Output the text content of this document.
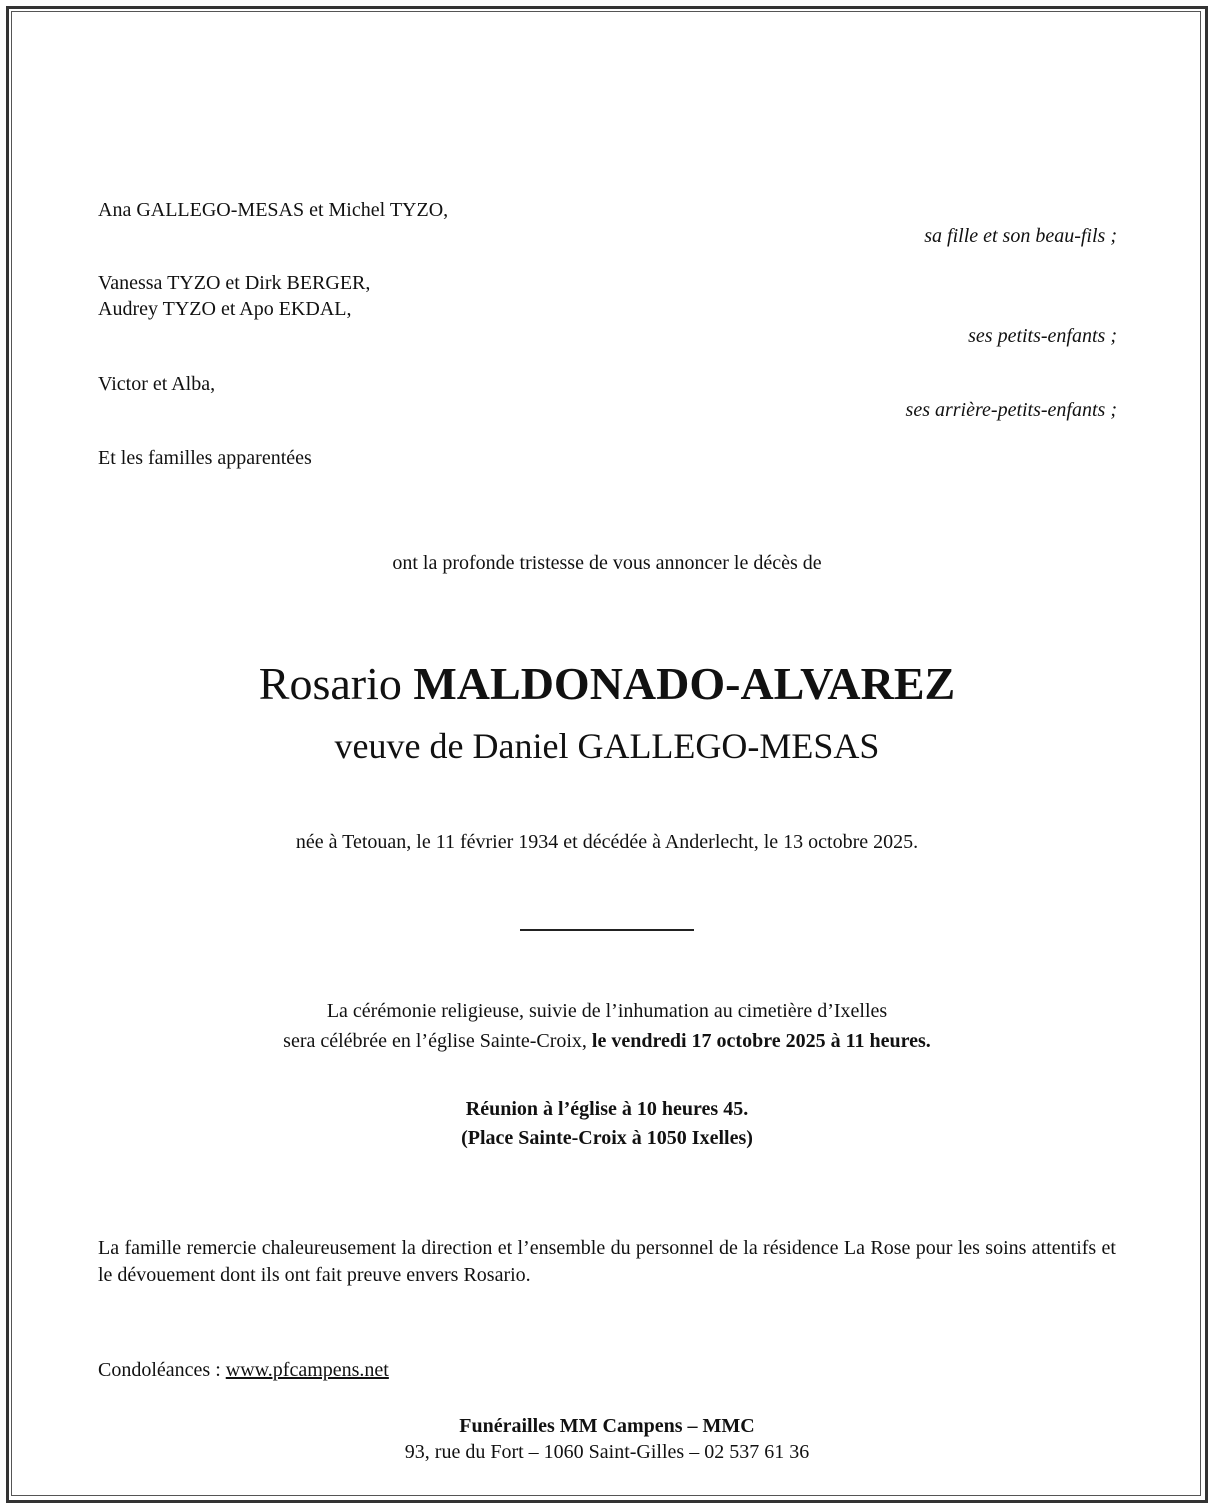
Ana GALLEGO-MESAS et Michel TYZO,
sa fille et son beau-fils ;
Vanessa TYZO et Dirk BERGER,
Audrey TYZO et Apo EKDAL,
ses petits-enfants ;
Victor et Alba,
ses arrière-petits-enfants ;
Et les familles apparentées
ont la profonde tristesse de vous annoncer le décès de
Rosario MALDONADO-ALVAREZ
veuve de Daniel GALLEGO-MESAS
née à Tetouan, le 11 février 1934 et décédée à Anderlecht, le 13 octobre 2025.
La cérémonie religieuse, suivie de l’inhumation au cimetière d’Ixelles
sera célébrée en l’église Sainte-Croix, le vendredi 17 octobre 2025 à 11 heures.
Réunion à l’église à 10 heures 45.
(Place Sainte-Croix à 1050 Ixelles)
La famille remercie chaleureusement la direction et l’ensemble du personnel de la résidence La Rose pour les soins attentifs et le dévouement dont ils ont fait preuve envers Rosario.
Condoléances : www.pfcampens.net
Funérailles MM Campens – MMC
93, rue du Fort – 1060 Saint-Gilles – 02 537 61 36
